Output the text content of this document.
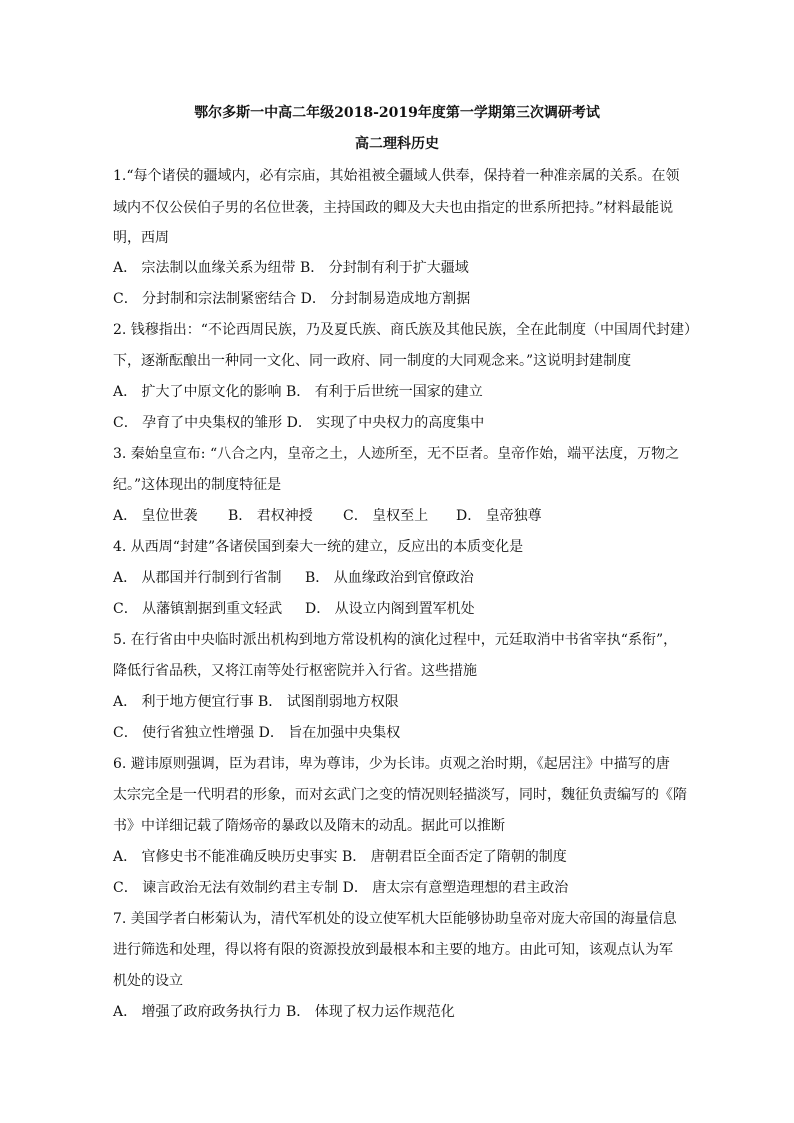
鄂尔多斯一中高二年级2018-2019年度第一学期第三次调研考试
高二理科历史
1.“每个诸侯的疆域内，必有宗庙，其始祖被全疆域人供奉，保持着一种准亲属的关系。在领
域内不仅公侯伯子男的名位世袭，主持国政的卿及大夫也由指定的世系所把持。”材料最能说
明，西周
A． 宗法制以血缘关系为纽带 B． 分封制有利于扩大疆域
C． 分封制和宗法制紧密结合 D． 分封制易造成地方割据
2. 钱穆指出：“不论西周民族，乃及夏氏族、商氏族及其他民族，全在此制度（中国周代封建）
下，逐渐酝酿出一种同一文化、同一政府、同一制度的大同观念来。”这说明封建制度
A． 扩大了中原文化的影响 B． 有利于后世统一国家的建立
C． 孕育了中央集权的雏形 D． 实现了中央权力的高度集中
3. 秦始皇宣布: “八合之内，皇帝之土，人迹所至，无不臣者。皇帝作始，端平法度，万物之
纪。”这体现出的制度特征是
A． 皇位世袭 B． 君权神授 C． 皇权至上 D． 皇帝独尊
4. 从西周“封建”各诸侯国到秦大一统的建立，反应出的本质变化是
A． 从郡国并行制到行省制 B． 从血缘政治到官僚政治
C． 从藩镇割据到重文轻武 D． 从设立内阁到置军机处
5. 在行省由中央临时派出机构到地方常设机构的演化过程中，元廷取消中书省宰执“系衔”，
降低行省品秩，又将江南等处行枢密院并入行省。这些措施
A． 利于地方便宜行事 B． 试图削弱地方权限
C． 使行省独立性增强 D． 旨在加强中央集权
6. 避讳原则强调，臣为君讳，卑为尊讳，少为长讳。贞观之治时期，《起居注》中描写的唐
太宗完全是一代明君的形象，而对玄武门之变的情况则轻描淡写，同时，魏征负责编写的《隋
书》中详细记载了隋炀帝的暴政以及隋末的动乱。据此可以推断
A． 官修史书不能准确反映历史事实 B． 唐朝君臣全面否定了隋朝的制度
C． 谏言政治无法有效制约君主专制 D． 唐太宗有意塑造理想的君主政治
7. 美国学者白彬菊认为，清代军机处的设立使军机大臣能够协助皇帝对庞大帝国的海量信息
进行筛选和处理，得以将有限的资源投放到最根本和主要的地方。由此可知，该观点认为军
机处的设立
A． 增强了政府政务执行力 B． 体现了权力运作规范化
